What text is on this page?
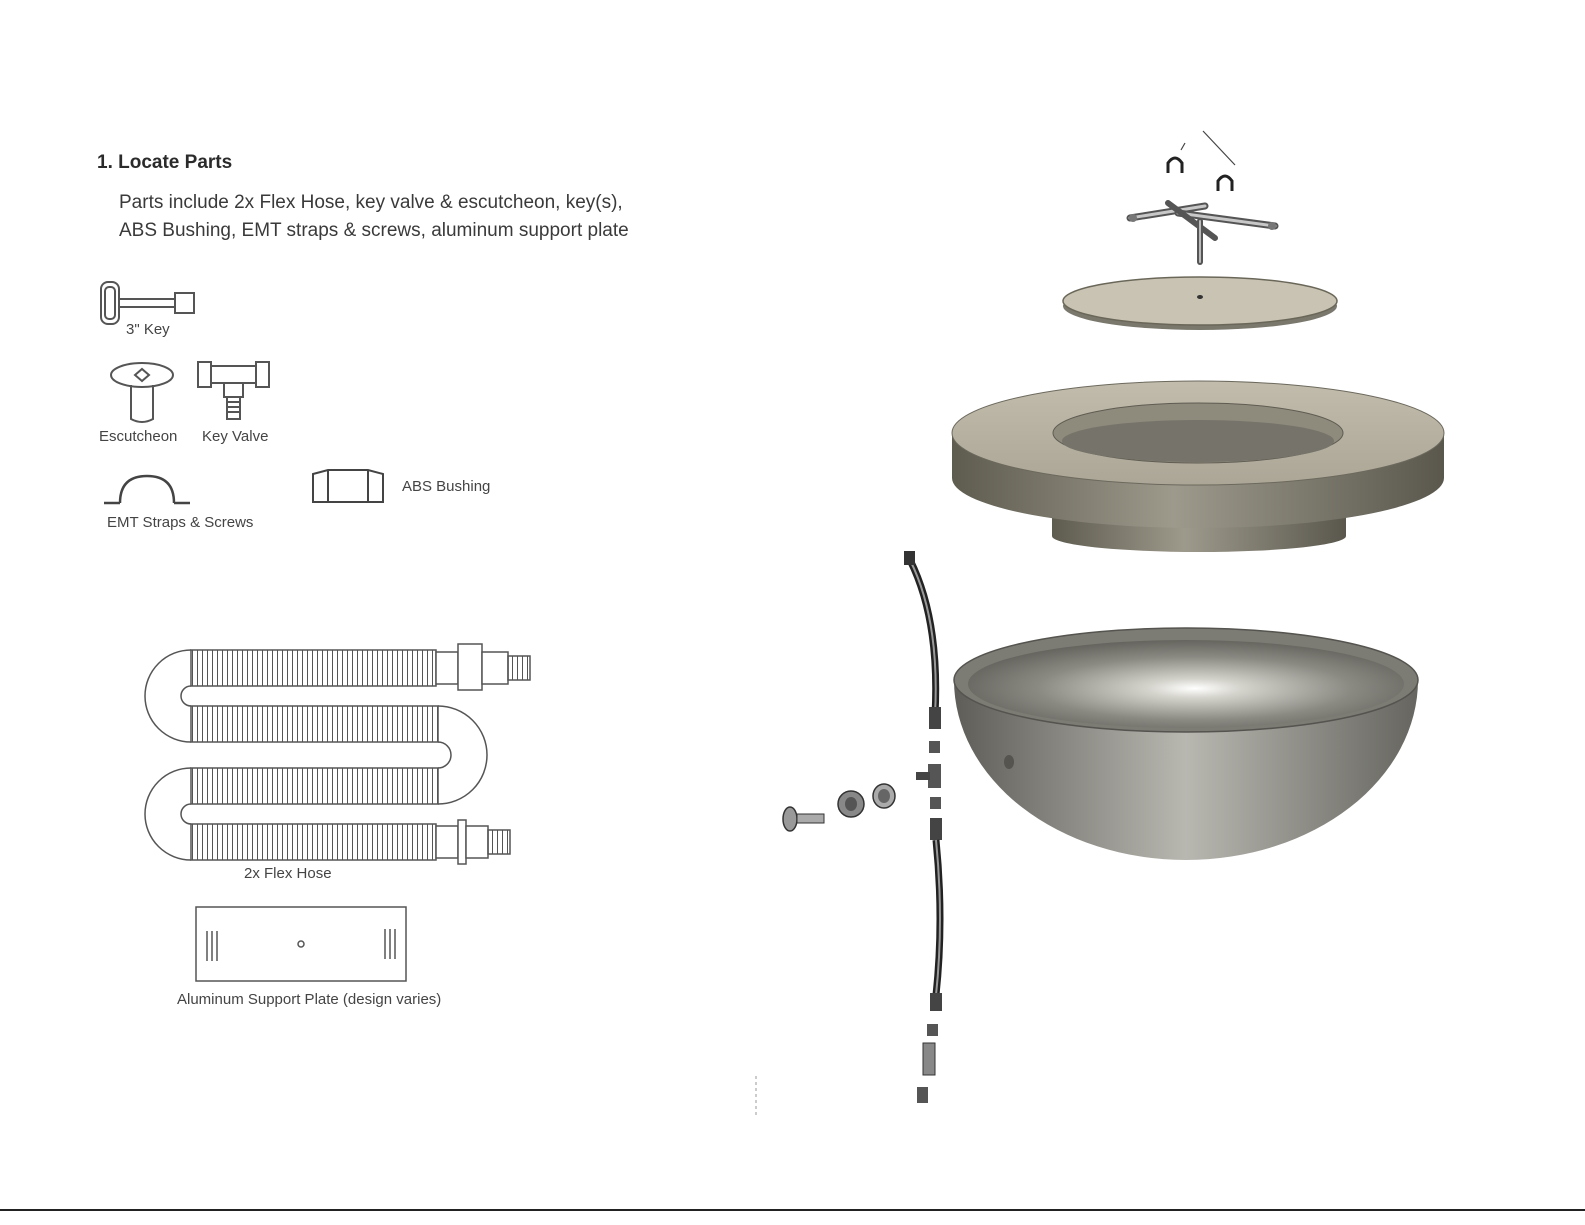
1. Locate Parts

Parts include 2x Flex Hose, key valve & escutcheon, key(s), ABS Bushing, EMT straps & screws, aluminum support plate

3" Key
Escutcheon Key Valve
EMT Straps & Screws
ABS Bushing
2x Flex Hose
Aluminum Support Plate (design varies)
